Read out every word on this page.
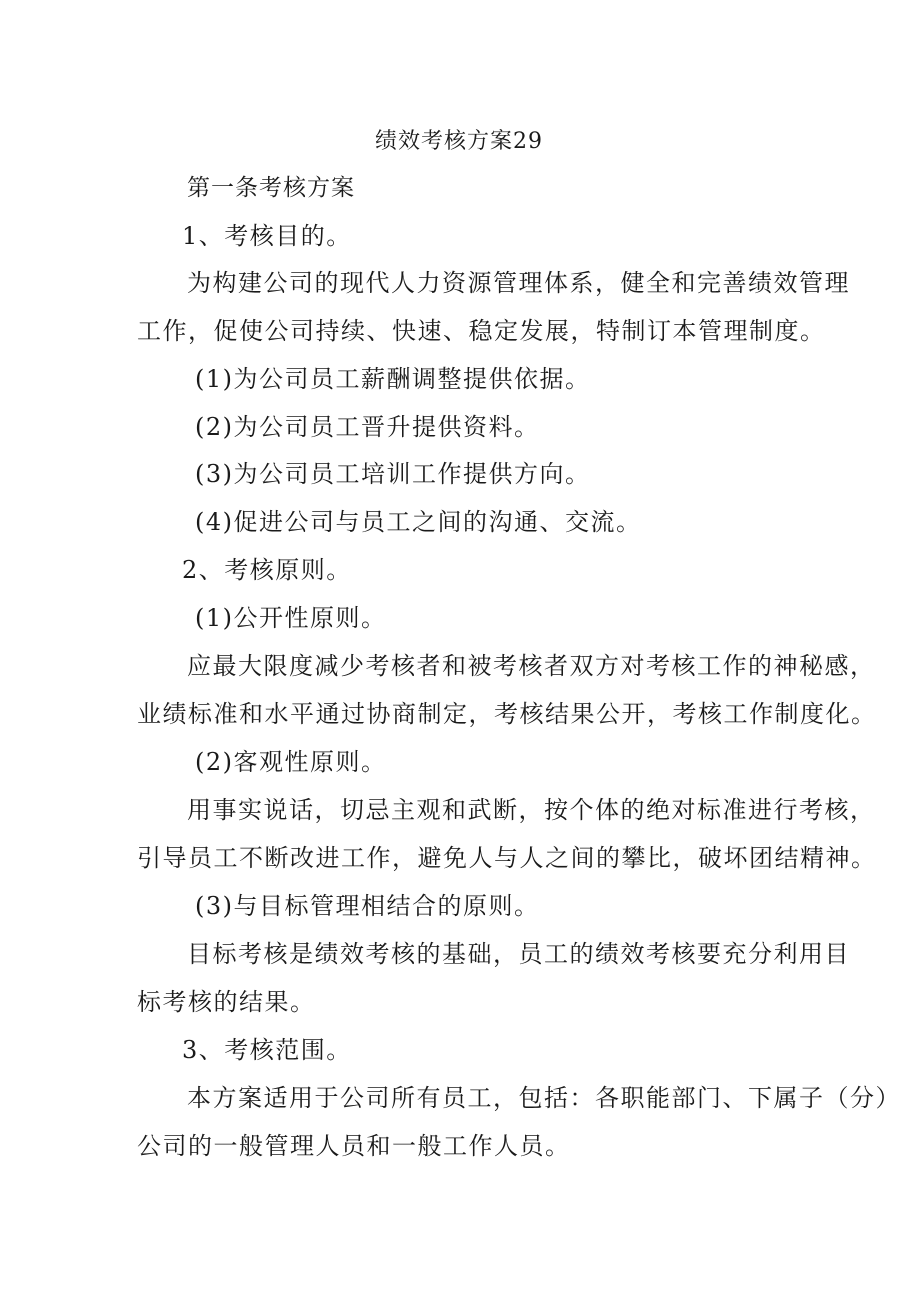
绩效考核方案29
第一条考核方案
1、考核目的。
为构建公司的现代人力资源管理体系，健全和完善绩效管理
工作，促使公司持续、快速、稳定发展，特制订本管理制度。
(1)为公司员工薪酬调整提供依据。
(2)为公司员工晋升提供资料。
(3)为公司员工培训工作提供方向。
(4)促进公司与员工之间的沟通、交流。
2、考核原则。
(1)公开性原则。
应最大限度减少考核者和被考核者双方对考核工作的神秘感，
业绩标准和水平通过协商制定，考核结果公开，考核工作制度化。
(2)客观性原则。
用事实说话，切忌主观和武断，按个体的绝对标准进行考核，
引导员工不断改进工作，避免人与人之间的攀比，破坏团结精神。
(3)与目标管理相结合的原则。
目标考核是绩效考核的基础，员工的绩效考核要充分利用目
标考核的结果。
3、考核范围。
本方案适用于公司所有员工，包括：各职能部门、下属子（分）
公司的一般管理人员和一般工作人员。
